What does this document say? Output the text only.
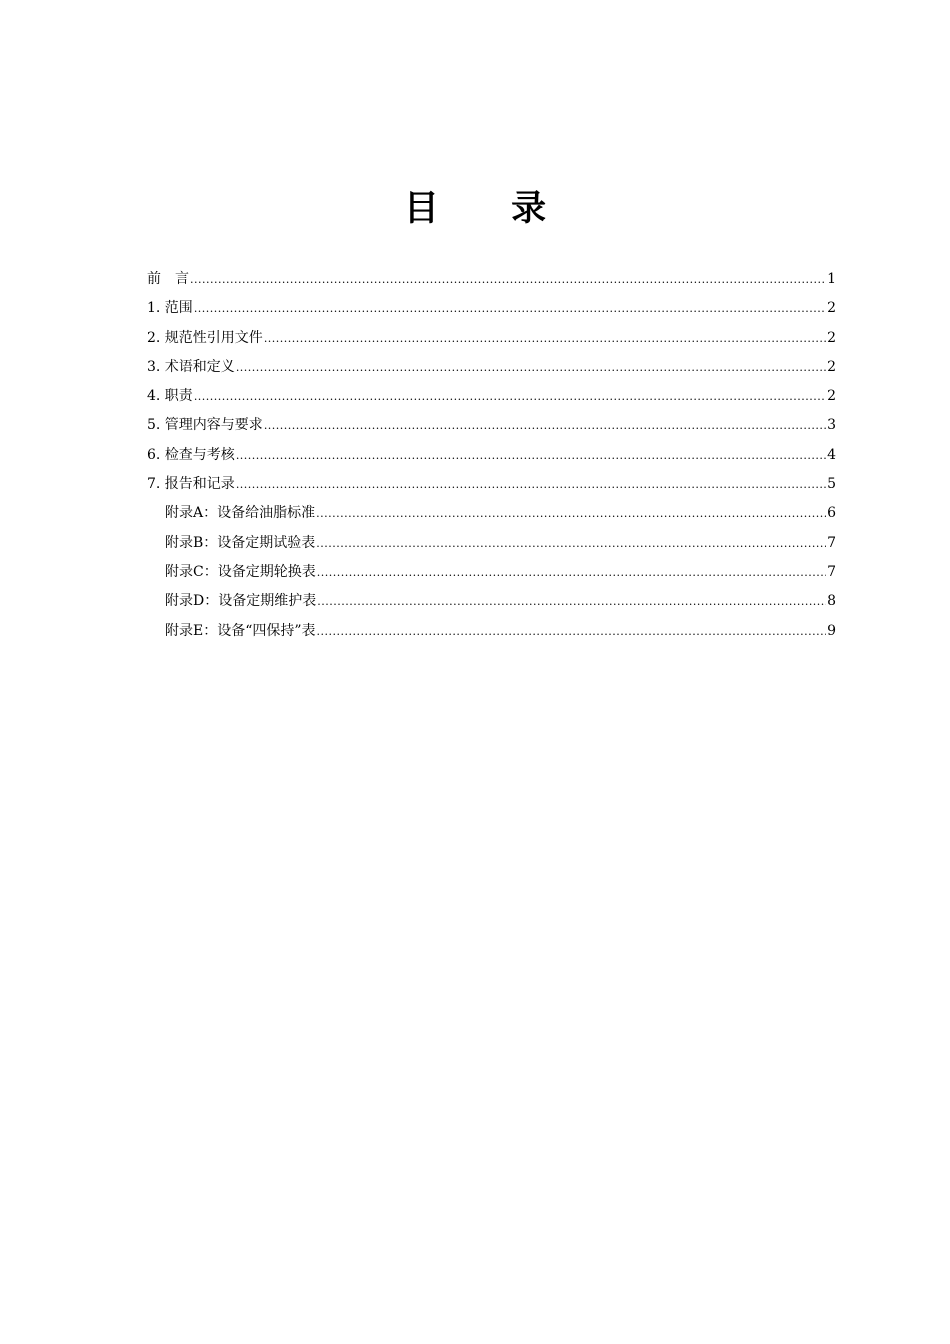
目 录
前　言 .....	1
1. 范围 .....	2
2. 规范性引用文件 .....	2
3. 术语和定义 .....	2
4. 职责 .....	2
5. 管理内容与要求 .....	3
6. 检查与考核 .....	4
7. 报告和记录 .....	5
附录A：设备给油脂标准 .....	6
附录B：设备定期试验表 .....	7
附录C：设备定期轮换表 .....	7
附录D：设备定期维护表 .....	8
附录E：设备“四保持”表 .....	9
